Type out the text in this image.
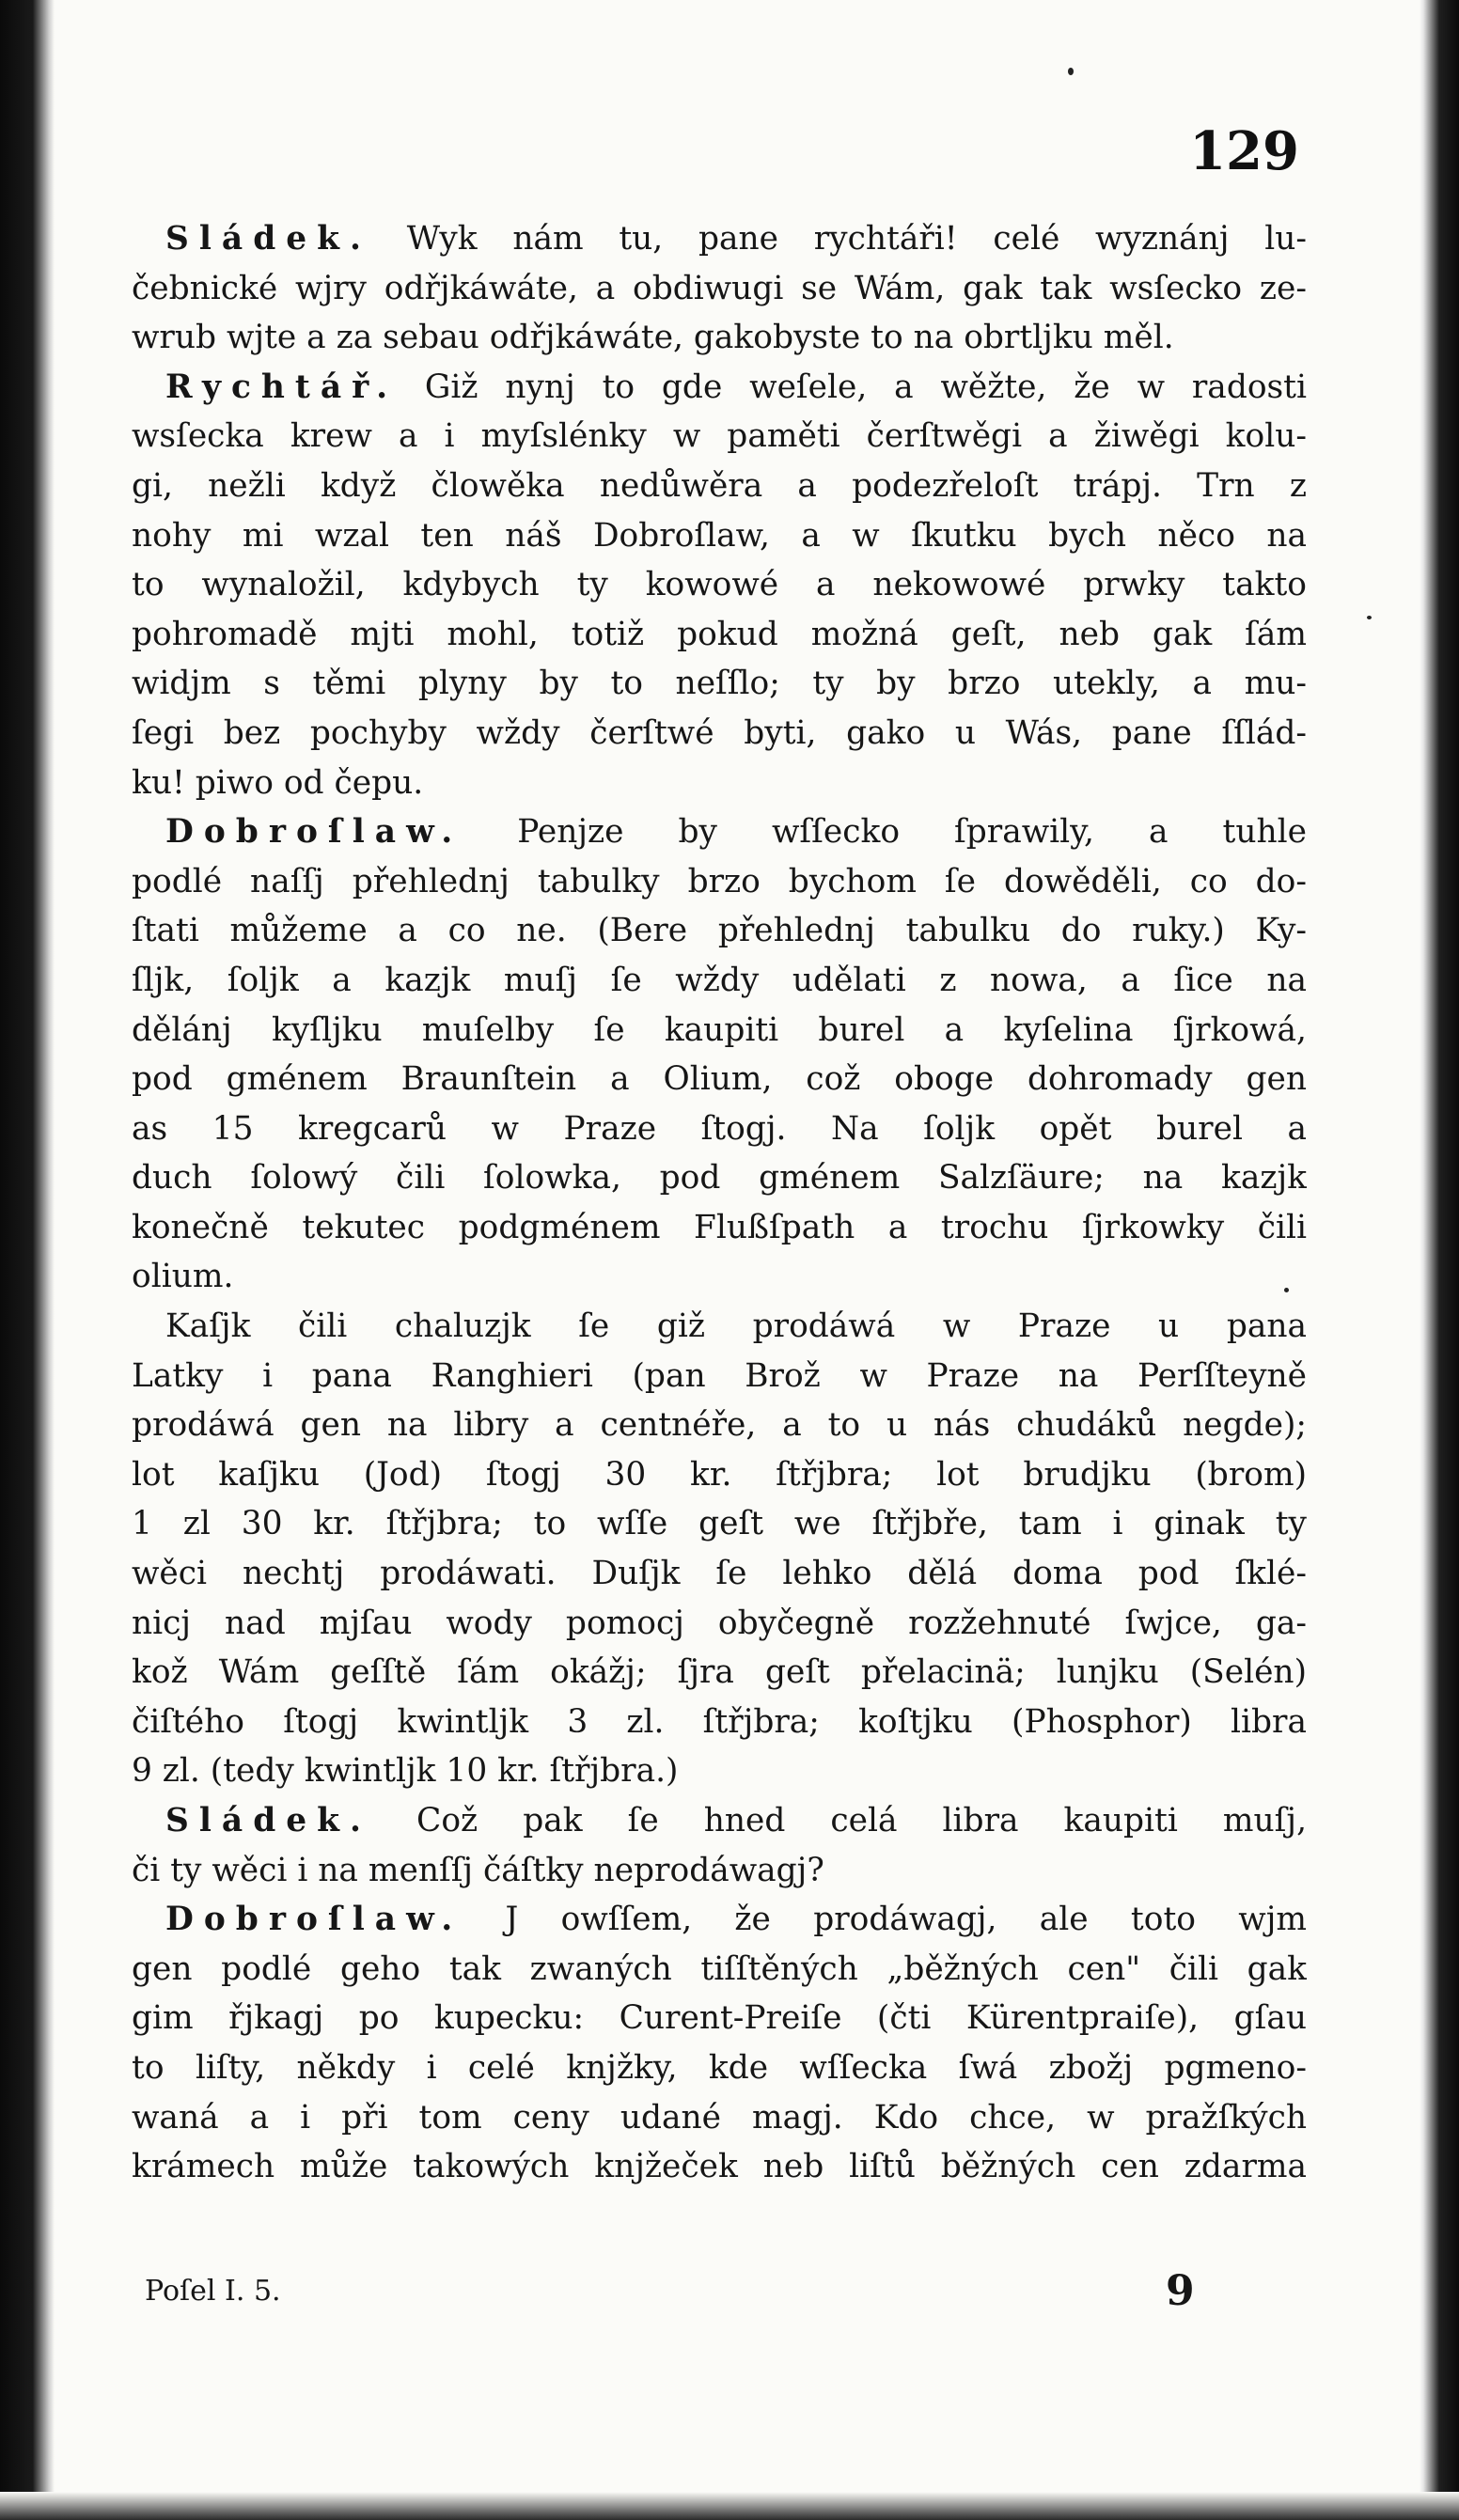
129
Sládek. Wyk nám tu, pane rychtáři! celé wyznánj lu-
čebnické wjry odřjkáwáte, a obdiwugi se Wám, gak tak wsſecko ze-
wrub wjte a za sebau odřjkáwáte, gakobyste to na obrtljku měl.
Rychtář. Giž nynj to gde weſele, a wěžte, že w radosti
wsſecka krew a i myſslénky w paměti čerſtwěgi a žiwěgi kolu-
gi, nežli když člowěka nedůwěra a podezřeloſt trápj. Trn z
nohy mi wzal ten náš Dobroſlaw, a w ſkutku bych něco na
to wynaložil, kdybych ty kowowé a nekowowé prwky takto
pohromadě mjti mohl, totiž pokud možná geſt, neb gak ſám
widjm s těmi plyny by to neſſlo; ty by brzo utekly, a mu-
ſegi bez pochyby wždy čerſtwé byti, gako u Wás, pane ſſlád-
ku! piwo od čepu.
Dobroſlaw. Penjze by wſſecko ſprawily, a tuhle
podlé naſſj přehlednj tabulky brzo bychom ſe dowěděli, co do-
ſtati můžeme a co ne. (Bere přehlednj tabulku do ruky.) Ky-
ſljk, ſoljk a kazjk muſj ſe wždy udělati z nowa, a ſice na
dělánj kyſljku muſelby ſe kaupiti burel a kyſelina ſjrkowá,
pod gménem Braunſtein a Olium, což oboge dohromady gen
as 15 kregcarů w Praze ſtogj. Na ſoljk opět burel a
duch ſolowý čili ſolowka, pod gménem Salzſäure; na kazjk
konečně tekutec podgménem Flußſpath a trochu ſjrkowky čili
olium.
Kaſjk čili chaluzjk ſe giž prodáwá w Praze u pana
Latky i pana Ranghieri (pan Brož w Praze na Perſſteyně
prodáwá gen na libry a centnéře, a to u nás chudáků negde);
lot kaſjku (Jod) ſtogj 30 kr. ſtřjbra; lot brudjku (brom)
1 zl 30 kr. ſtřjbra; to wſſe geſt we ſtřjbře, tam i ginak ty
wěci nechtj prodáwati. Duſjk ſe lehko dělá doma pod ſklé-
nicj nad mjſau wody pomocj obyčegně rozžehnuté ſwjce, ga-
kož Wám geſſtě ſám okážj; ſjra geſt přelacinä; lunjku (Selén)
čiſtého ſtogj kwintljk 3 zl. ſtřjbra; koſtjku (Phosphor) libra
9 zl. (tedy kwintljk 10 kr. ſtřjbra.)
Sládek. Což pak ſe hned celá libra kaupiti muſj,
či ty wěci i na menſſj čáſtky neprodáwagj?
Dobroſlaw. J owſſem, že prodáwagj, ale toto wjm
gen podlé geho tak zwaných tiſſtěných „běžných cen" čili gak
gim řjkagj po kupecku: Curent-Preiſe (čti Kürentpraiſe), gſau
to liſty, někdy i celé knjžky, kde wſſecka ſwá zbožj pgmeno-
waná a i při tom ceny udané magj. Kdo chce, w pražſkých
krámech může takowých knjžeček neb liſtů běžných cen zdarma
Poſel I. 5.	9
